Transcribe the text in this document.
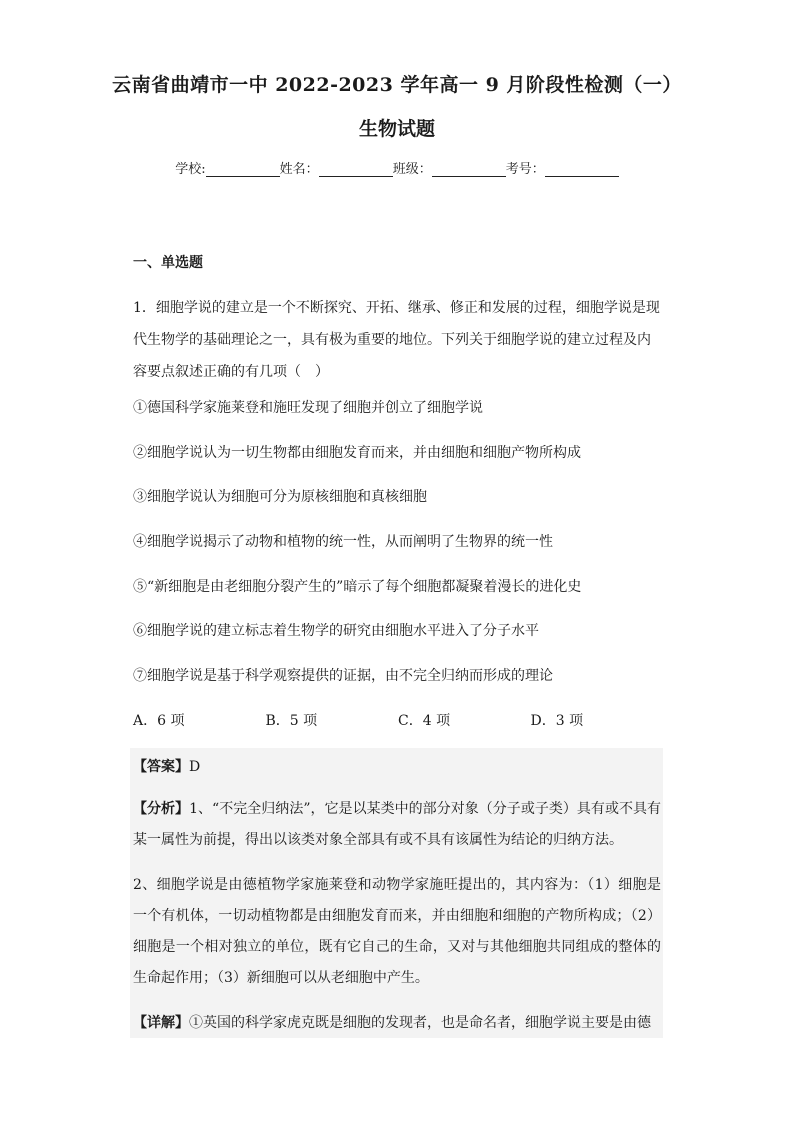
云南省曲靖市一中 2022-2023 学年高一 9 月阶段性检测（一）
生物试题
学校:	姓名：	班级：	考号：
一、单选题
1．细胞学说的建立是一个不断探究、开拓、继承、修正和发展的过程，细胞学说是现代生物学的基础理论之一，具有极为重要的地位。下列关于细胞学说的建立过程及内容要点叙述正确的有几项（　）
①德国科学家施莱登和施旺发现了细胞并创立了细胞学说
②细胞学说认为一切生物都由细胞发育而来，并由细胞和细胞产物所构成
③细胞学说认为细胞可分为原核细胞和真核细胞
④细胞学说揭示了动物和植物的统一性，从而阐明了生物界的统一性
⑤“新细胞是由老细胞分裂产生的”暗示了每个细胞都凝聚着漫长的进化史
⑥细胞学说的建立标志着生物学的研究由细胞水平进入了分子水平
⑦细胞学说是基于科学观察提供的证据，由不完全归纳而形成的理论
A．6 项	B．5 项	C．4 项	D．3 项
【答案】D
【分析】1、“不完全归纳法”，它是以某类中的部分对象（分子或子类）具有或不具有某一属性为前提，得出以该类对象全部具有或不具有该属性为结论的归纳方法。
2、细胞学说是由德植物学家施莱登和动物学家施旺提出的，其内容为：（1）细胞是一个有机体，一切动植物都是由细胞发育而来，并由细胞和细胞的产物所构成；（2）细胞是一个相对独立的单位，既有它自己的生命，又对与其他细胞共同组成的整体的生命起作用；（3）新细胞可以从老细胞中产生。
【详解】①英国的科学家虎克既是细胞的发现者，也是命名者，细胞学说主要是由德
